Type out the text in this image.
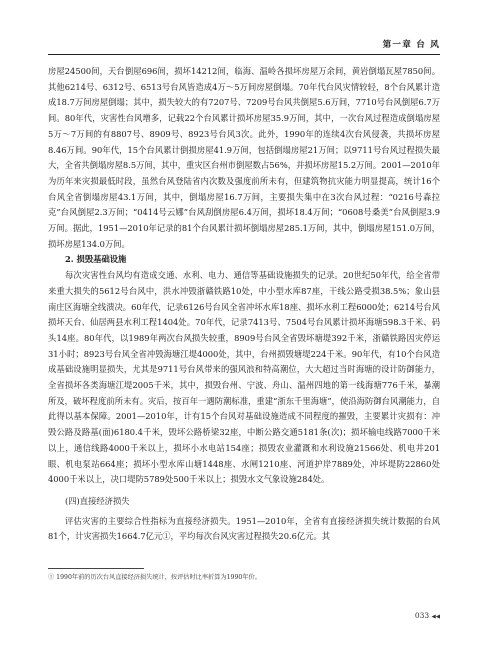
第一章 台 风

房屋24500间，天台倒屋696间，损坏14212间，临海、温岭各损坏房屋万余间，黄岩倒塌瓦屋7850间。其他6214号、6312号、6513号台风皆造成4万～5万间房屋倒塌。70年代台风灾情较轻，8个台风累计造成18.7万间房屋倒塌；其中，损失较大的有7207号、7209号台风共倒屋5.6万间，7710号台风倒屋6.7万间。80年代，灾害性台风增多，记载22个台风累计损坏房屋35.9万间，其中，一次台风过程造成倒塌房屋5万～7万间的有8807号、8909号、8923号台风3次。此外，1990年的连续4次台风侵袭，共损坏房屋8.46万间。90年代，15个台风累计倒损房屋41.9万间，包括倒塌房屋21万间；以9711号台风过程损失最大，全省共倒塌房屋8.5万间，其中，重灾区台州市倒屋数占56%，并损坏房屋15.2万间。2001—2010年为历年来灾损最低时段，虽然台风登陆省内次数及强度前所未有，但建筑物抗灾能力明显提高，统计16个台风全省倒塌房屋43.1万间，其中，倒塌房屋16.7万间，主要损失集中在3次台风过程：“0216号森拉克”台风倒屋2.3万间；“0414号云娜”台风刮倒房屋6.4万间，损坏18.4万间；“0608号桑美”台风倒屋3.9万间。据此，1951—2010年记录的81个台风累计损坏倒塌房屋285.1万间，其中，倒塌房屋151.0万间，损坏房屋134.0万间。

2. 损毁基础设施

每次灾害性台风均有造成交通、水利、电力、通信等基础设施损失的记录。20世纪50年代，给全省带来重大损失的5612号台风中，洪水冲毁浙赣铁路10处，中小型水库87座，干线公路受损38.5%；象山县南庄区海塘全线溃决。60年代，记录6126号台风全省冲坏水库18座、损坏水利工程6000处；6214号台风损坏天台、仙居两县水利工程1404处。70年代，记录7413号、7504号台风累计损坏海塘598.3千米、码头14座。80年代，以1989年两次台风损失较重，8909号台风全省毁坏塘堤392千米，浙赣铁路因灾停运31小时；8923号台风全省冲毁海塘江堤4000处，其中，台州损毁塘堤224千米。90年代，有10个台风造成基础设施明显损失，尤其是9711号台风带来的强风浪和特高潮位，大大超过当时海塘的设计防御能力，全省损坏各类海塘江堤2005千米，其中，损毁台州、宁波、舟山、温州四地的第一线海塘776千米，暴潮所及，破坏程度前所未有。灾后，按百年一遇防潮标准，重建“浙东千里海塘”，使沿海防御台风潮能力，自此得以基本保障。2001—2010年，计有15个台风对基础设施造成不同程度的摧毁，主要累计灾损有：冲毁公路及路基(面)6180.4千米，毁坏公路桥梁32座，中断公路交通5181条(次)；损坏输电线路7000千米以上，通信线路4000千米以上，损坏小水电站154座；损毁农业灌溉和水利设施21566处、机电井201眼、机电泵站664座；损坏小型水库山塘1448座、水闸1210座、河道护岸7889处，冲坏堤防22860处4000千米以上，决口堤防5789处500千米以上；损毁水文气象设施284处。

(四)直接经济损失

评估灾害的主要综合性指标为直接经济损失。1951—2010年，全省有直接经济损失统计数据的台风81个，计灾害损失1664.7亿元①，平均每次台风灾害过程损失20.6亿元。其

① 1990年前的历次台风直接经济损失统计，按评估时比率折算为1990年价。
033 ◀◀
